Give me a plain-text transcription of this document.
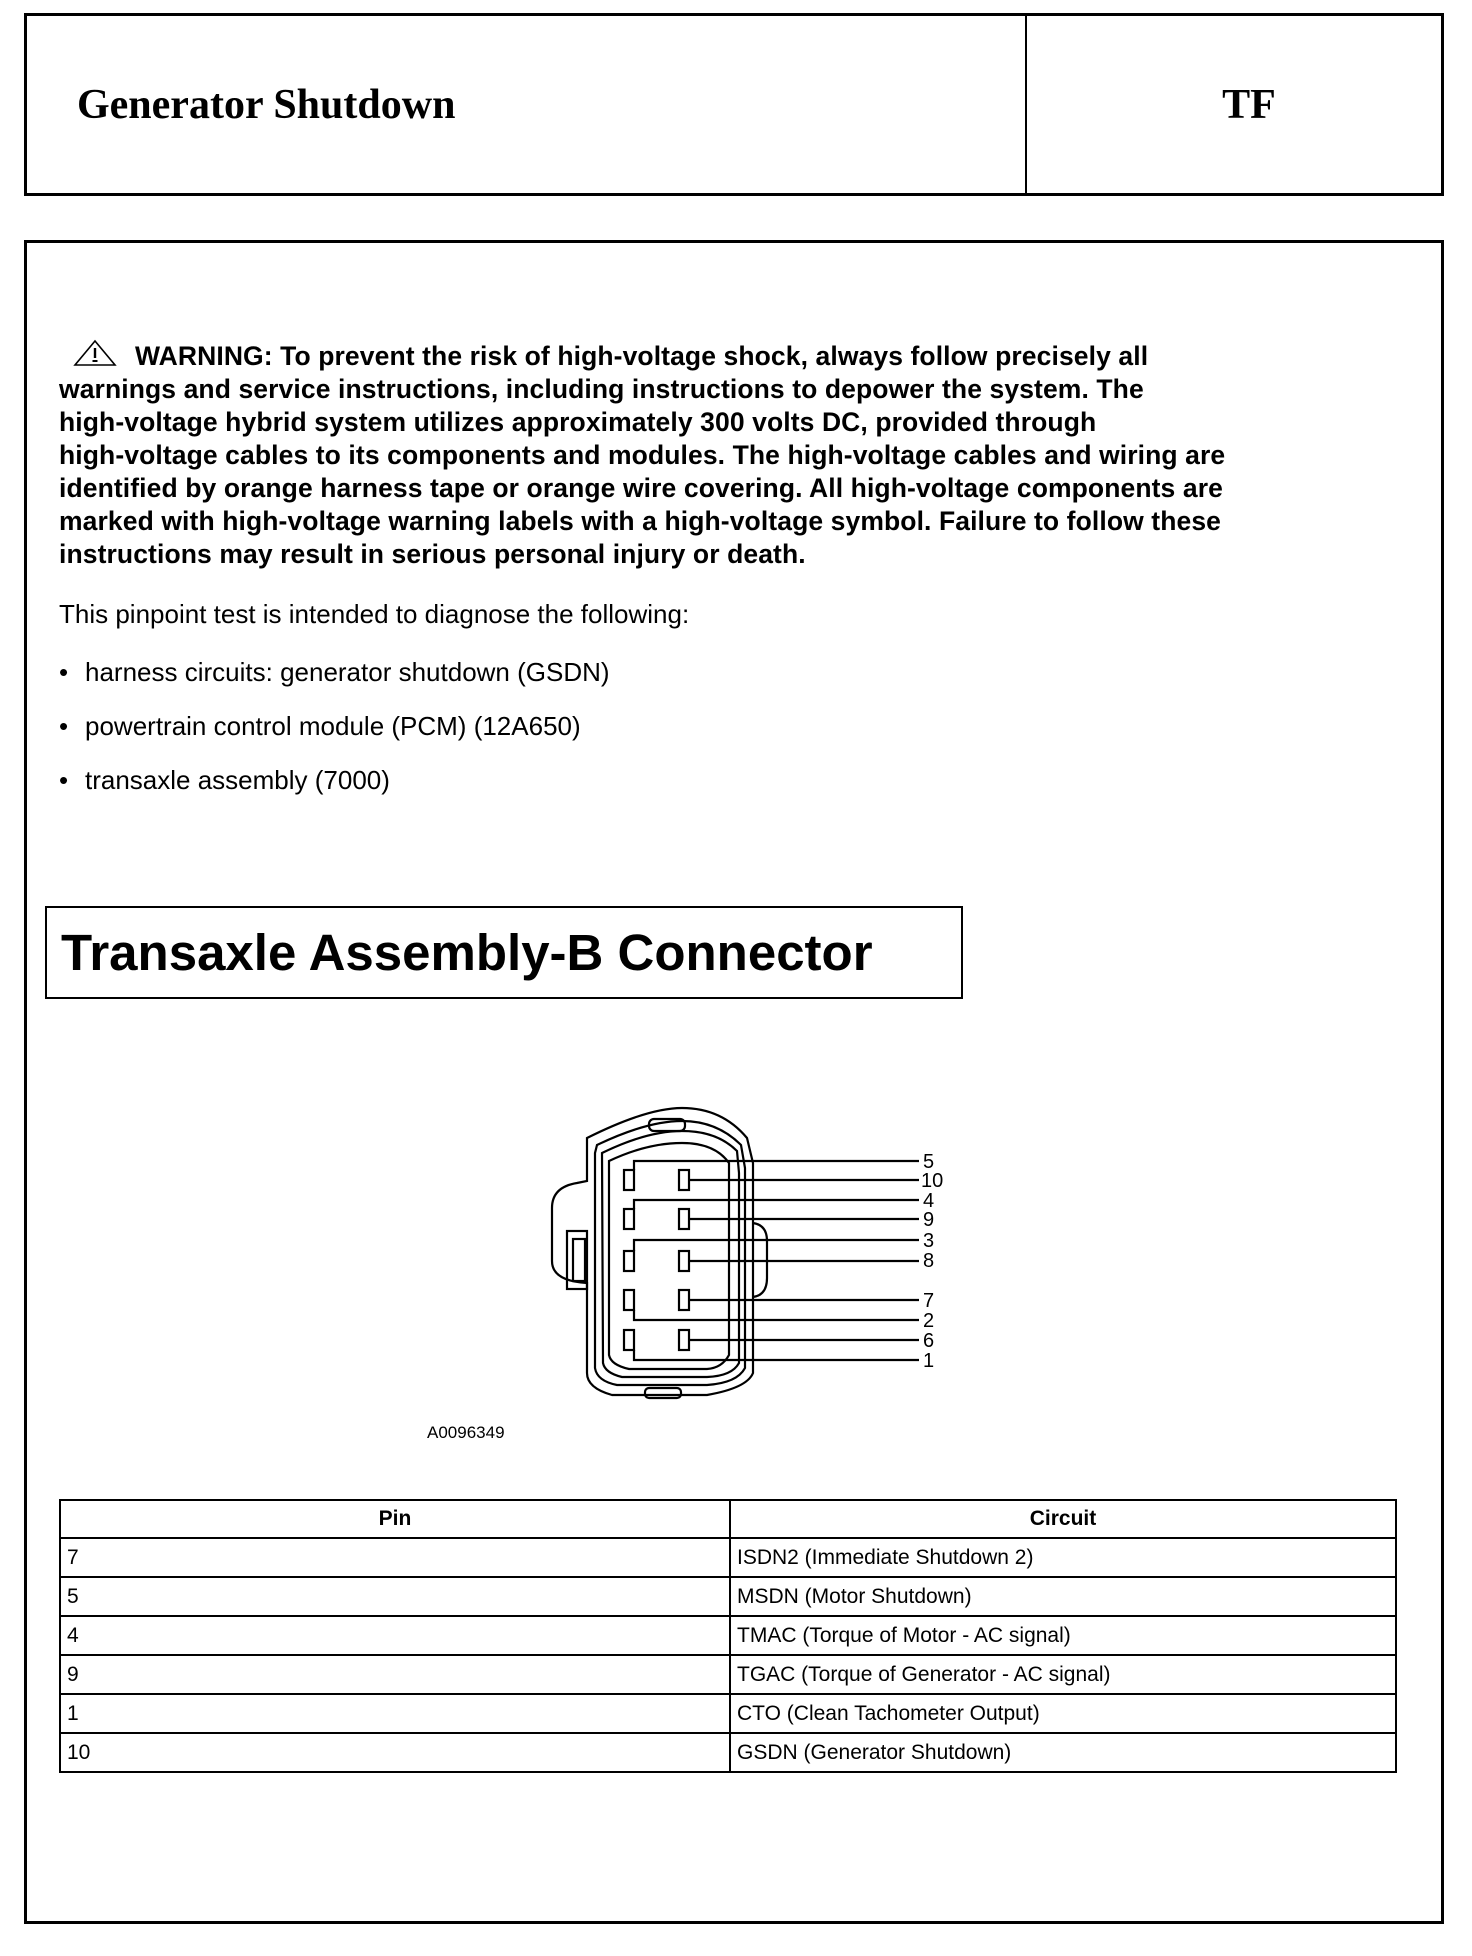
Generator Shutdown	TF
WARNING: To prevent the risk of high-voltage shock, always follow precisely all
warnings and service instructions, including instructions to depower the system. The
high-voltage hybrid system utilizes approximately 300 volts DC, provided through
high-voltage cables to its components and modules. The high-voltage cables and wiring are
identified by orange harness tape or orange wire covering. All high-voltage components are
marked with high-voltage warning labels with a high-voltage symbol. Failure to follow these
instructions may result in serious personal injury or death.
This pinpoint test is intended to diagnose the following:
• harness circuits: generator shutdown (GSDN)
• powertrain control module (PCM) (12A650)
• transaxle assembly (7000)
Transaxle Assembly-B Connector
5
10
4
9
3
8
7
2
6
1
A0096349
Pin	Circuit
7	ISDN2 (Immediate Shutdown 2)
5	MSDN (Motor Shutdown)
4	TMAC (Torque of Motor - AC signal)
9	TGAC (Torque of Generator - AC signal)
1	CTO (Clean Tachometer Output)
10	GSDN (Generator Shutdown)
